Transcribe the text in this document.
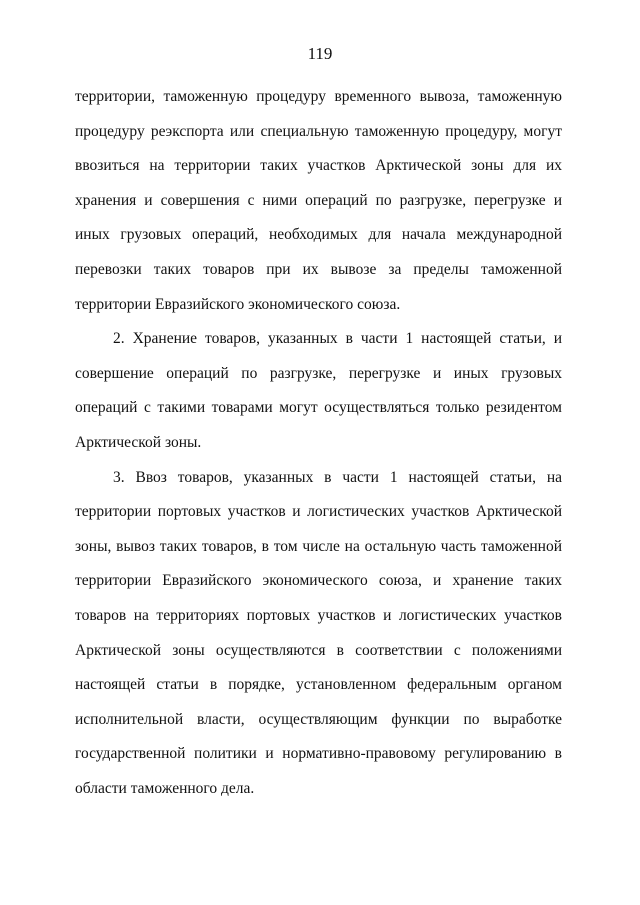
119

территории, таможенную процедуру временного вывоза, таможенную процедуру реэкспорта или специальную таможенную процедуру, могут ввозиться на территории таких участков Арктической зоны для их хранения и совершения с ними операций по разгрузке, перегрузке и иных грузовых операций, необходимых для начала международной перевозки таких товаров при их вывозе за пределы таможенной территории Евразийского экономического союза.

2. Хранение товаров, указанных в части 1 настоящей статьи, и совершение операций по разгрузке, перегрузке и иных грузовых операций с такими товарами могут осуществляться только резидентом Арктической зоны.

3. Ввоз товаров, указанных в части 1 настоящей статьи, на территории портовых участков и логистических участков Арктической зоны, вывоз таких товаров, в том числе на остальную часть таможенной территории Евразийского экономического союза, и хранение таких товаров на территориях портовых участков и логистических участков Арктической зоны осуществляются в соответствии с положениями настоящей статьи в порядке, установленном федеральным органом исполнительной власти, осуществляющим функции по выработке государственной политики и нормативно-правовому регулированию в области таможенного дела.
